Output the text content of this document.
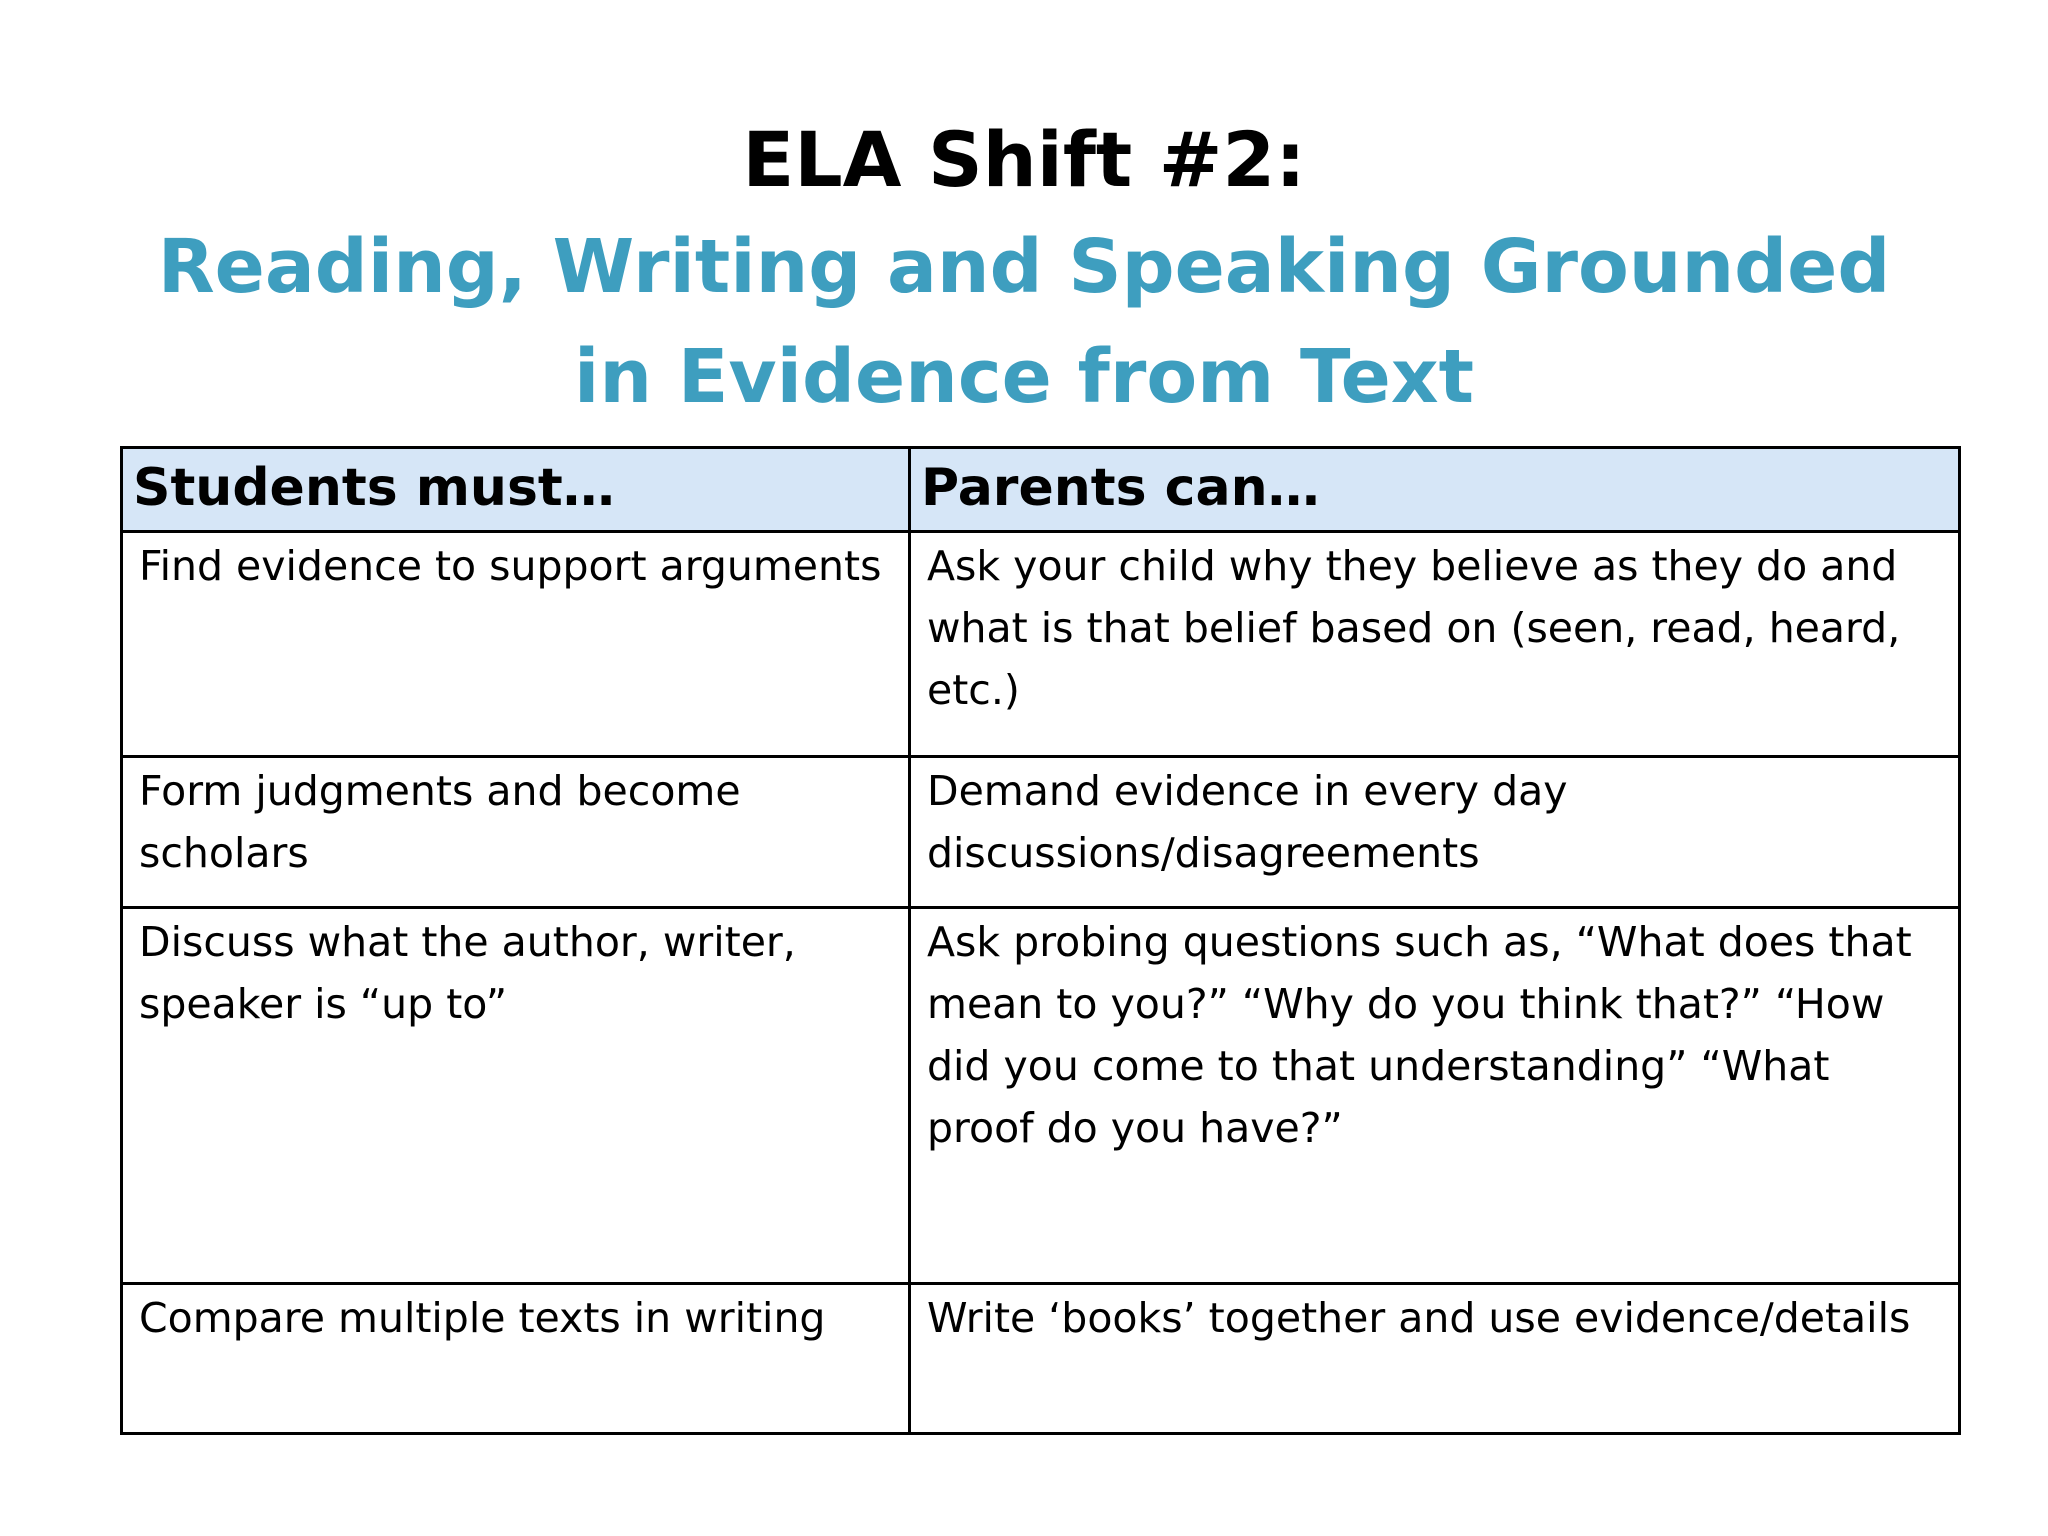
ELA Shift #2:
Reading, Writing and Speaking Grounded in Evidence from Text
Students must…	Parents can…
Find evidence to support arguments	Ask your child why they believe as they do and what is that belief based on (seen, read, heard, etc.)
Form judgments and become scholars	Demand evidence in every day discussions/disagreements
Discuss what the author, writer, speaker is “up to”	Ask probing questions such as, “What does that mean to you?” “Why do you think that?” “How did you come to that understanding” “What proof do you have?”
Compare multiple texts in writing	Write ‘books’ together and use evidence/details
